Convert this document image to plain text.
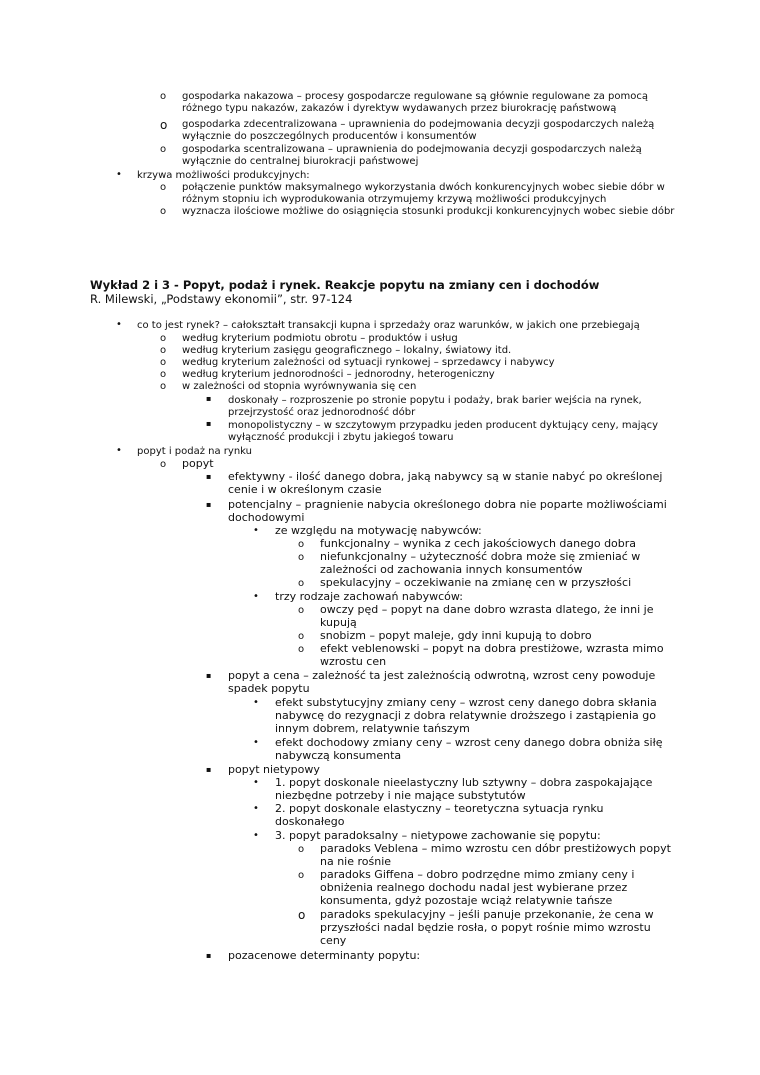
o gospodarka nakazowa – procesy gospodarcze regulowane są głównie regulowane za pomocą różnego typu nakazów, zakazów i dyrektyw wydawanych przez biurokrację państwową
o gospodarka zdecentralizowana – uprawnienia do podejmowania decyzji gospodarczych należą wyłącznie do poszczególnych producentów i konsumentów
o gospodarka scentralizowana – uprawnienia do podejmowania decyzji gospodarczych należą wyłącznie do centralnej biurokracji państwowej
• krzywa możliwości produkcyjnych:
o połączenie punktów maksymalnego wykorzystania dwóch konkurencyjnych wobec siebie dóbr w różnym stopniu ich wyprodukowania otrzymujemy krzywą możliwości produkcyjnych
o wyznacza ilościowe możliwe do osiągnięcia stosunki produkcji konkurencyjnych wobec siebie dóbr
Wykład 2 i 3 - Popyt, podaż i rynek. Reakcje popytu na zmiany cen i dochodów
R. Milewski, „Podstawy ekonomii”, str. 97-124
• co to jest rynek? – całokształt transakcji kupna i sprzedaży oraz warunków, w jakich one przebiegają
o według kryterium podmiotu obrotu – produktów i usług
o według kryterium zasięgu geograficznego – lokalny, światowy itd.
o według kryterium zależności od sytuacji rynkowej – sprzedawcy i nabywcy
o według kryterium jednorodności – jednorodny, heterogeniczny
o w zależności od stopnia wyrównywania się cen
▪ doskonały – rozproszenie po stronie popytu i podaży, brak barier wejścia na rynek, przejrzystość oraz jednorodność dóbr
▪ monopolistyczny – w szczytowym przypadku jeden producent dyktujący ceny, mający wyłączność produkcji i zbytu jakiegoś towaru
• popyt i podaż na rynku
o popyt
▪ efektywny - ilość danego dobra, jaką nabywcy są w stanie nabyć po określonej cenie i w określonym czasie
▪ potencjalny – pragnienie nabycia określonego dobra nie poparte możliwościami dochodowymi
• ze względu na motywację nabywców:
o funkcjonalny – wynika z cech jakościowych danego dobra
o niefunkcjonalny – użyteczność dobra może się zmieniać w zależności od zachowania innych konsumentów
o spekulacyjny – oczekiwanie na zmianę cen w przyszłości
• trzy rodzaje zachowań nabywców:
o owczy pęd – popyt na dane dobro wzrasta dlatego, że inni je kupują
o snobizm – popyt maleje, gdy inni kupują to dobro
o efekt veblenowski – popyt na dobra prestiżowe, wzrasta mimo wzrostu cen
▪ popyt a cena – zależność ta jest zależnością odwrotną, wzrost ceny powoduje spadek popytu
• efekt substytucyjny zmiany ceny – wzrost ceny danego dobra skłania nabywcę do rezygnacji z dobra relatywnie droższego i zastąpienia go innym dobrem, relatywnie tańszym
• efekt dochodowy zmiany ceny – wzrost ceny danego dobra obniża siłę nabywczą konsumenta
▪ popyt nietypowy
• 1. popyt doskonale nieelastyczny lub sztywny – dobra zaspokajające niezbędne potrzeby i nie mające substytutów
• 2. popyt doskonale elastyczny – teoretyczna sytuacja rynku doskonałego
• 3. popyt paradoksalny – nietypowe zachowanie się popytu:
o paradoks Veblena – mimo wzrostu cen dóbr prestiżowych popyt na nie rośnie
o paradoks Giffena – dobro podrzędne mimo zmiany ceny i obniżenia realnego dochodu nadal jest wybierane przez konsumenta, gdyż pozostaje wciąż relatywnie tańsze
o paradoks spekulacyjny – jeśli panuje przekonanie, że cena w przyszłości nadal będzie rosła, o popyt rośnie mimo wzrostu ceny
▪ pozacenowe determinanty popytu:
